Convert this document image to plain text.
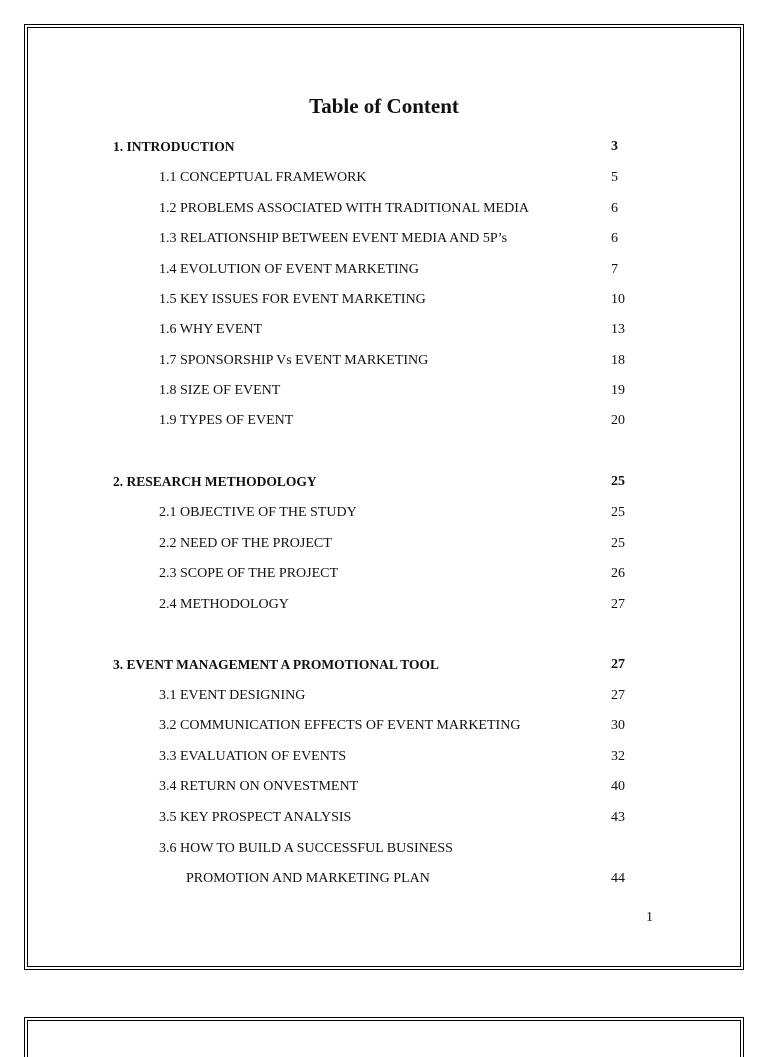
Table of Content
1. INTRODUCTION	3
1.1 CONCEPTUAL FRAMEWORK	5
1.2 PROBLEMS ASSOCIATED WITH TRADITIONAL MEDIA	6
1.3 RELATIONSHIP BETWEEN EVENT MEDIA AND 5P’s	6
1.4 EVOLUTION OF EVENT MARKETING	7
1.5 KEY ISSUES FOR EVENT MARKETING	10
1.6 WHY EVENT	13
1.7 SPONSORSHIP Vs EVENT MARKETING	18
1.8 SIZE OF EVENT	19
1.9 TYPES OF EVENT	20
2. RESEARCH METHODOLOGY	25
2.1 OBJECTIVE OF THE STUDY	25
2.2 NEED OF THE PROJECT	25
2.3 SCOPE OF THE PROJECT	26
2.4 METHODOLOGY	27
3. EVENT MANAGEMENT A PROMOTIONAL TOOL	27
3.1 EVENT DESIGNING	27
3.2 COMMUNICATION EFFECTS OF EVENT MARKETING	30
3.3 EVALUATION OF EVENTS	32
3.4 RETURN ON ONVESTMENT	40
3.5 KEY PROSPECT ANALYSIS	43
3.6 HOW TO BUILD A SUCCESSFUL BUSINESS
PROMOTION AND MARKETING PLAN	44
1
